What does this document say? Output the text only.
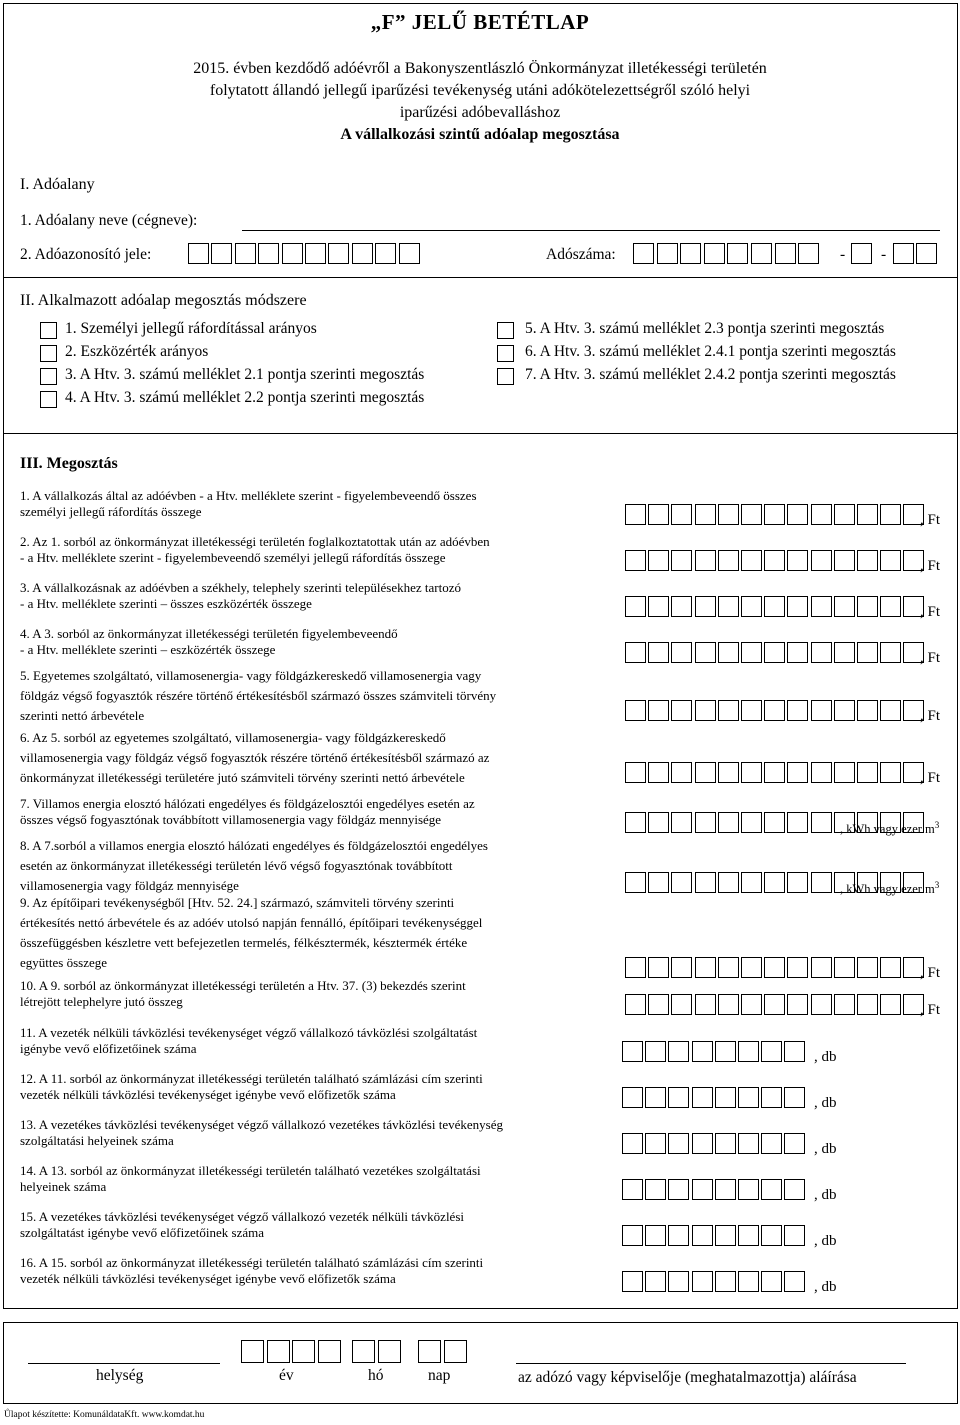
„F” JELŰ BETÉTLAP
2015. évben kezdődő adóévről a Bakonyszentlászló Önkormányzat illetékességi területén
folytatott állandó jellegű iparűzési tevékenység utáni adókötelezettségről szóló helyi
iparűzési adóbevalláshoz
A vállalkozási szintű adóalap megosztása
I. Adóalany
1. Adóalany neve (cégneve):
2. Adóazonosító jele:	Adószáma:	- -
II. Alkalmazott adóalap megosztás módszere
1. Személyi jellegű ráfordítással arányos
2. Eszközérték arányos
3. A Htv. 3. számú melléklet 2.1 pontja szerinti megosztás
4. A Htv. 3. számú melléklet 2.2 pontja szerinti megosztás
5. A Htv. 3. számú melléklet 2.3 pontja szerinti megosztás
6. A Htv. 3. számú melléklet 2.4.1 pontja szerinti megosztás
7. A Htv. 3. számú melléklet 2.4.2 pontja szerinti megosztás
III. Megosztás
1. A vállalkozás által az adóévben - a Htv. melléklete szerint - figyelembeveendő összes
személyi jellegű ráfordítás összege
, Ft
2. Az 1. sorból az önkormányzat illetékességi területén foglalkoztatottak után az adóévben
- a Htv. melléklete szerint - figyelembeveendő személyi jellegű ráfordítás összege
, Ft
3. A vállalkozásnak az adóévben a székhely, telephely szerinti településekhez tartozó
- a Htv. melléklete szerinti – összes eszközérték összege
, Ft
4. A 3. sorból az önkormányzat illetékességi területén figyelembeveendő
- a Htv. melléklete szerinti – eszközérték összege
, Ft
5. Egyetemes szolgáltató, villamosenergia- vagy földgázkereskedő villamosenergia vagy
földgáz végső fogyasztók részére történő értékesítésből származó összes számviteli törvény
szerinti nettó árbevétele	, Ft
6. Az 5. sorból az egyetemes szolgáltató, villamosenergia- vagy földgázkereskedő
villamosenergia vagy földgáz végső fogyasztók részére történő értékesítésből származó az
önkormányzat illetékességi területére jutó számviteli törvény szerinti nettó árbevétele	, Ft
7. Villamos energia elosztó hálózati engedélyes és földgázelosztói engedélyes esetén az
összes végső fogyasztónak továbbított villamosenergia vagy földgáz mennyisége
, kWh vagy ezer $m^3$
8. A 7.sorból a villamos energia elosztó hálózati engedélyes és földgázelosztói engedélyes
esetén az önkormányzat illetékességi területén lévő végső fogyasztónak továbbított
villamosenergia vagy földgáz mennyisége	, kWh vagy ezer $m^3$
9. Az építőipari tevékenységből [Htv. 52. 24.] származó, számviteli törvény szerinti
értékesítés nettó árbevétele és az adóév utolsó napján fennálló, építőipari tevékenységgel
összefüggésben készletre vett befejezetlen termelés, félkésztermék, késztermék értéke
együttes összege
, Ft
10. A 9. sorból az önkormányzat illetékességi területén a Htv. 37. (3) bekezdés szerint
létrejött telephelyre jutó összeg
, Ft
11. A vezeték nélküli távközlési tevékenységet végző vállalkozó távközlési szolgáltatást
igénybe vevő előfizetőinek száma
, db
12. A 11. sorból az önkormányzat illetékességi területén található számlázási cím szerinti
vezeték nélküli távközlési tevékenységet igénybe vevő előfizetők száma
, db
13. A vezetékes távközlési tevékenységet végző vállalkozó vezetékes távközlési tevékenység
szolgáltatási helyeinek száma
, db
14. A 13. sorból az önkormányzat illetékességi területén található vezetékes szolgáltatási
helyeinek száma
, db
15. A vezetékes távközlési tevékenységet végző vállalkozó vezeték nélküli távközlési
szolgáltatást igénybe vevő előfizetőinek száma
, db
16. A 15. sorból az önkormányzat illetékességi területén található számlázási cím szerinti
vezeték nélküli távközlési tevékenységet igénybe vevő előfizetők száma
, db
helység	év	hó	nap	az adózó vagy képviselője (meghatalmazottja) aláírása
Ůlapot készítette: KomunáldataKft. www.komdat.hu
